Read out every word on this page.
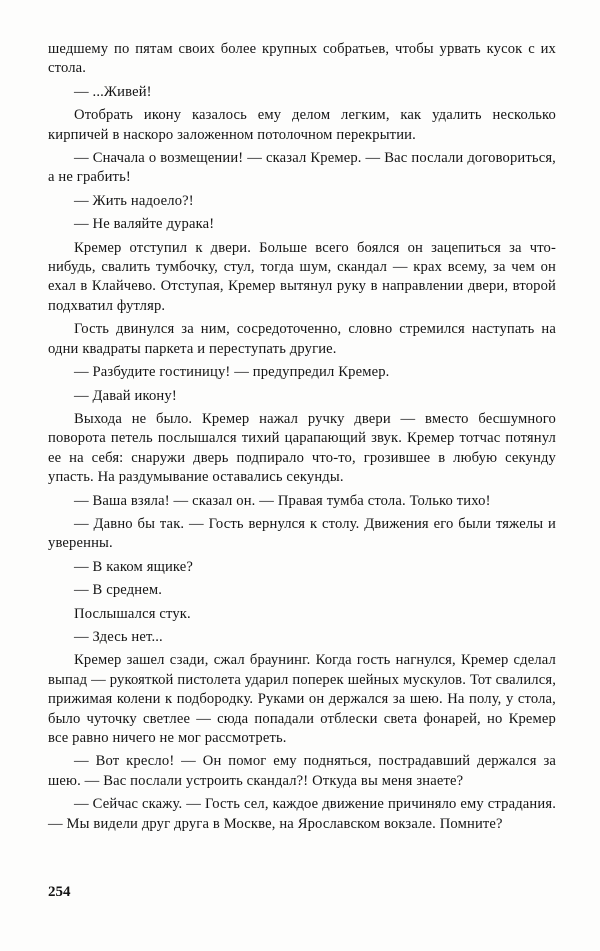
шедшему по пятам своих более крупных собратьев, чтобы урвать кусок с их стола.

— ...Живей!

Отобрать икону казалось ему делом легким, как удалить несколько кирпичей в наскоро заложенном потолочном перекрытии.

— Сначала о возмещении! — сказал Кремер. — Вас послали договориться, а не грабить!

— Жить надоело?!

— Не валяйте дурака!

Кремер отступил к двери. Больше всего боялся он зацепиться за что-нибудь, свалить тумбочку, стул, тогда шум, скандал — крах всему, за чем он ехал в Клайчево. Отступая, Кремер вытянул руку в направлении двери, второй подхватил футляр.

Гость двинулся за ним, сосредоточенно, словно стремился наступать на одни квадраты паркета и переступать другие.

— Разбудите гостиницу! — предупредил Кремер.

— Давай икону!

Выхода не было. Кремер нажал ручку двери — вместо бесшумного поворота петель послышался тихий царапающий звук. Кремер тотчас потянул ее на себя: снаружи дверь подпирало что-то, грозившее в любую секунду упасть. На раздумывание оставались секунды.

— Ваша взяла! — сказал он. — Правая тумба стола. Только тихо!

— Давно бы так. — Гость вернулся к столу. Движения его были тяжелы и уверенны.

— В каком ящике?

— В среднем.

Послышался стук.

— Здесь нет...

Кремер зашел сзади, сжал браунинг. Когда гость нагнулся, Кремер сделал выпад — рукояткой пистолета ударил поперек шейных мускулов. Тот свалился, прижимая колени к подбородку. Руками он держался за шею. На полу, у стола, было чуточку светлее — сюда попадали отблески света фонарей, но Кремер все равно ничего не мог рассмотреть.

— Вот кресло! — Он помог ему подняться, пострадавший держался за шею. — Вас послали устроить скандал?! Откуда вы меня знаете?

— Сейчас скажу. — Гость сел, каждое движение причиняло ему страдания. — Мы видели друг друга в Москве, на Ярославском вокзале. Помните?

254
